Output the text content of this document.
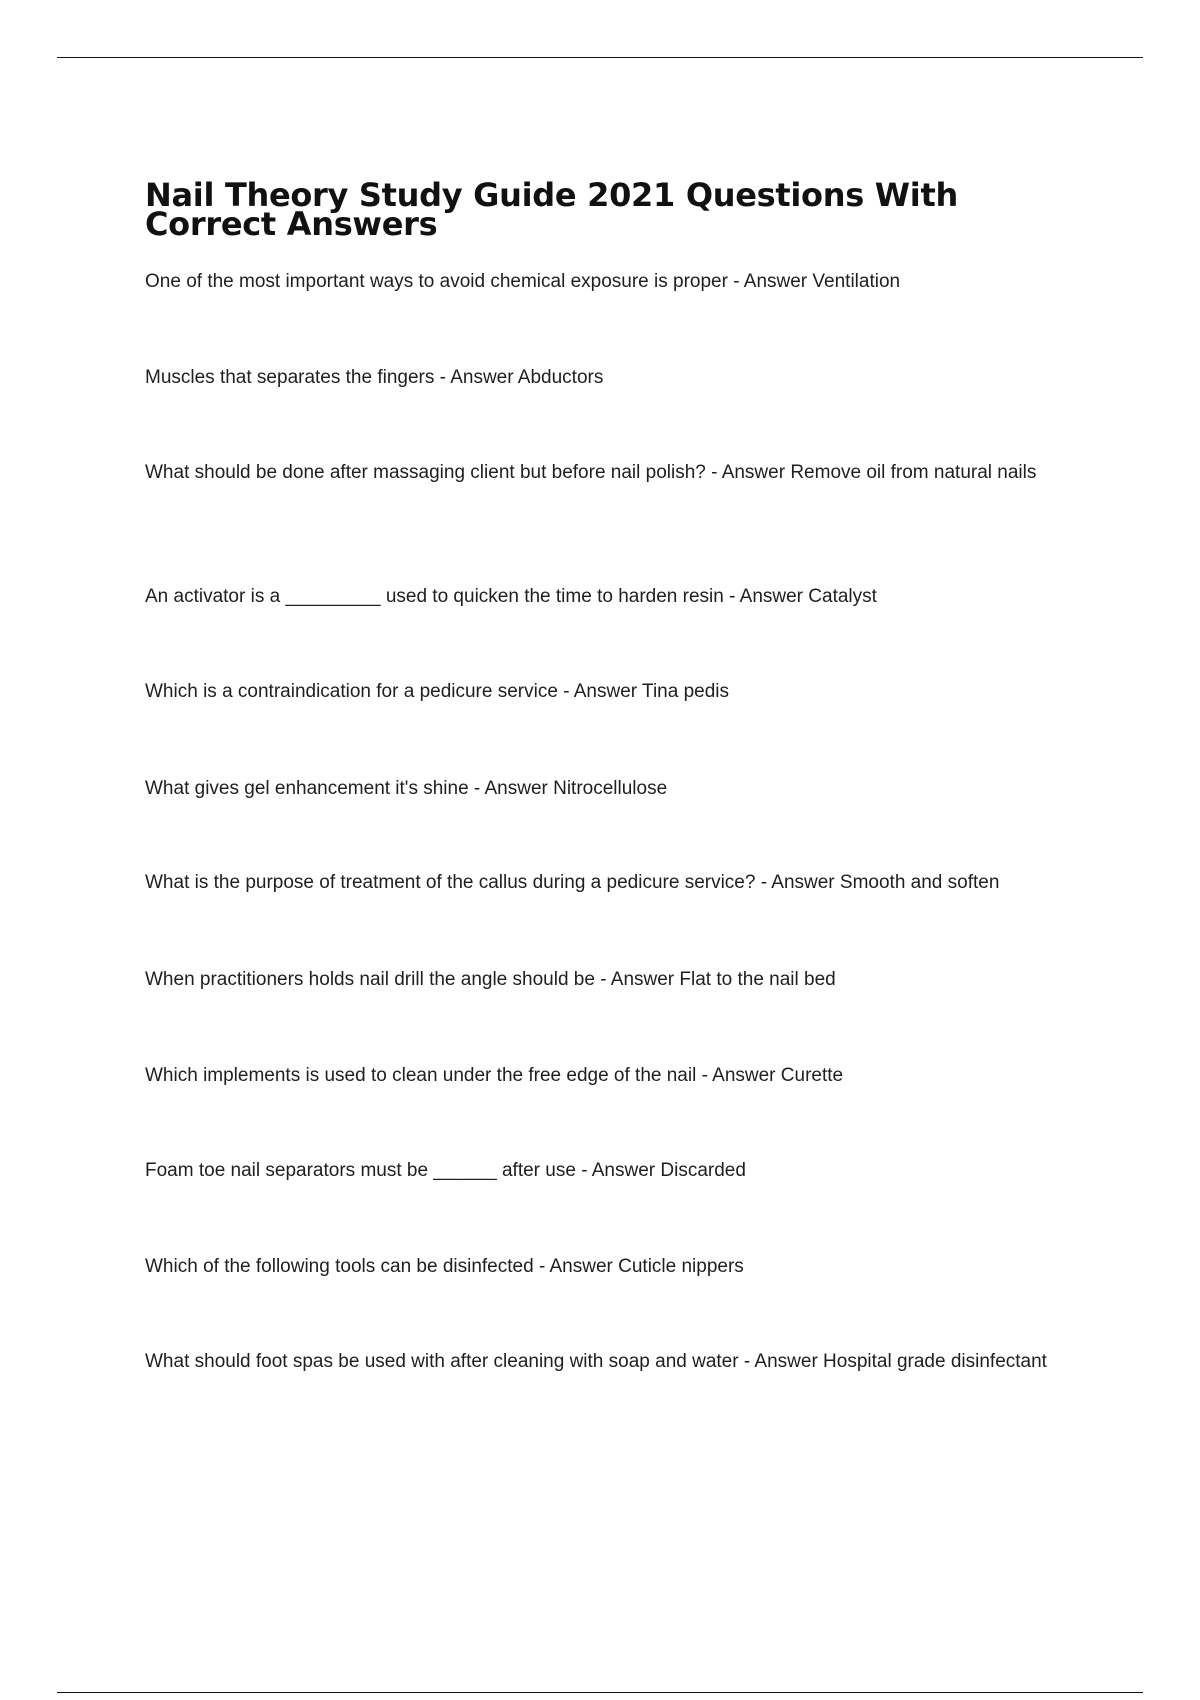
Nail Theory Study Guide 2021 Questions With Correct Answers
One of the most important ways to avoid chemical exposure is proper - Answer Ventilation
Muscles that separates the fingers - Answer Abductors
What should be done after massaging client but before nail polish? - Answer Remove oil from natural nails
An activator is a _________ used to quicken the time to harden resin - Answer Catalyst
Which is a contraindication for a pedicure service - Answer Tina pedis
What gives gel enhancement it's shine - Answer Nitrocellulose
What is the purpose of treatment of the callus during a pedicure service? - Answer Smooth and soften
When practitioners holds nail drill the angle should be - Answer Flat to the nail bed
Which implements is used to clean under the free edge of the nail - Answer Curette
Foam toe nail separators must be ______ after use - Answer Discarded
Which of the following tools can be disinfected - Answer Cuticle nippers
What should foot spas be used with after cleaning with soap and water - Answer Hospital grade disinfectant
